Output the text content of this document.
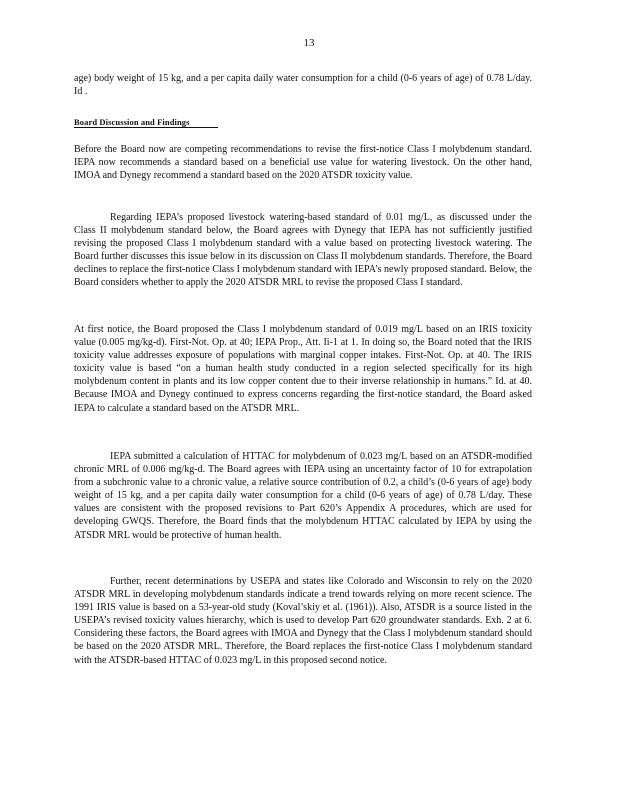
13

age) body weight of 15 kg, and a per capita daily water consumption for a child (0-6 years of age) of 0.78 L/day. Id .

Board Discussion and Findings

Before the Board now are competing recommendations to revise the first-notice Class I molybdenum standard. IEPA now recommends a standard based on a beneficial use value for watering livestock. On the other hand, IMOA and Dynegy recommend a standard based on the 2020 ATSDR toxicity value.

Regarding IEPA’s proposed livestock watering-based standard of 0.01 mg/L, as discussed under the Class II molybdenum standard below, the Board agrees with Dynegy that IEPA has not sufficiently justified revising the proposed Class I molybdenum standard with a value based on protecting livestock watering. The Board further discusses this issue below in its discussion on Class II molybdenum standards. Therefore, the Board declines to replace the first-notice Class I molybdenum standard with IEPA’s newly proposed standard. Below, the Board considers whether to apply the 2020 ATSDR MRL to revise the proposed Class I standard.

At first notice, the Board proposed the Class I molybdenum standard of 0.019 mg/L based on an IRIS toxicity value (0.005 mg/kg-d). First-Not. Op. at 40; IEPA Prop., Att. Ii-1 at 1. In doing so, the Board noted that the IRIS toxicity value addresses exposure of populations with marginal copper intakes. First-Not. Op. at 40. The IRIS toxicity value is based “on a human health study conducted in a region selected specifically for its high molybdenum content in plants and its low copper content due to their inverse relationship in humans.” Id. at 40. Because IMOA and Dynegy continued to express concerns regarding the first-notice standard, the Board asked IEPA to calculate a standard based on the ATSDR MRL.

IEPA submitted a calculation of HTTAC for molybdenum of 0.023 mg/L based on an ATSDR-modified chronic MRL of 0.006 mg/kg-d. The Board agrees with IEPA using an uncertainty factor of 10 for extrapolation from a subchronic value to a chronic value, a relative source contribution of 0.2, a child’s (0-6 years of age) body weight of 15 kg, and a per capita daily water consumption for a child (0-6 years of age) of 0.78 L/day. These values are consistent with the proposed revisions to Part 620’s Appendix A procedures, which are used for developing GWQS. Therefore, the Board finds that the molybdenum HTTAC calculated by IEPA by using the ATSDR MRL would be protective of human health.

Further, recent determinations by USEPA and states like Colorado and Wisconsin to rely on the 2020 ATSDR MRL in developing molybdenum standards indicate a trend towards relying on more recent science. The 1991 IRIS value is based on a 53-year-old study (Koval’skiy et al. (1961)). Also, ATSDR is a source listed in the USEPA’s revised toxicity values hierarchy, which is used to develop Part 620 groundwater standards. Exh. 2 at 6. Considering these factors, the Board agrees with IMOA and Dynegy that the Class I molybdenum standard should be based on the 2020 ATSDR MRL. Therefore, the Board replaces the first-notice Class I molybdenum standard with the ATSDR-based HTTAC of 0.023 mg/L in this proposed second notice.
